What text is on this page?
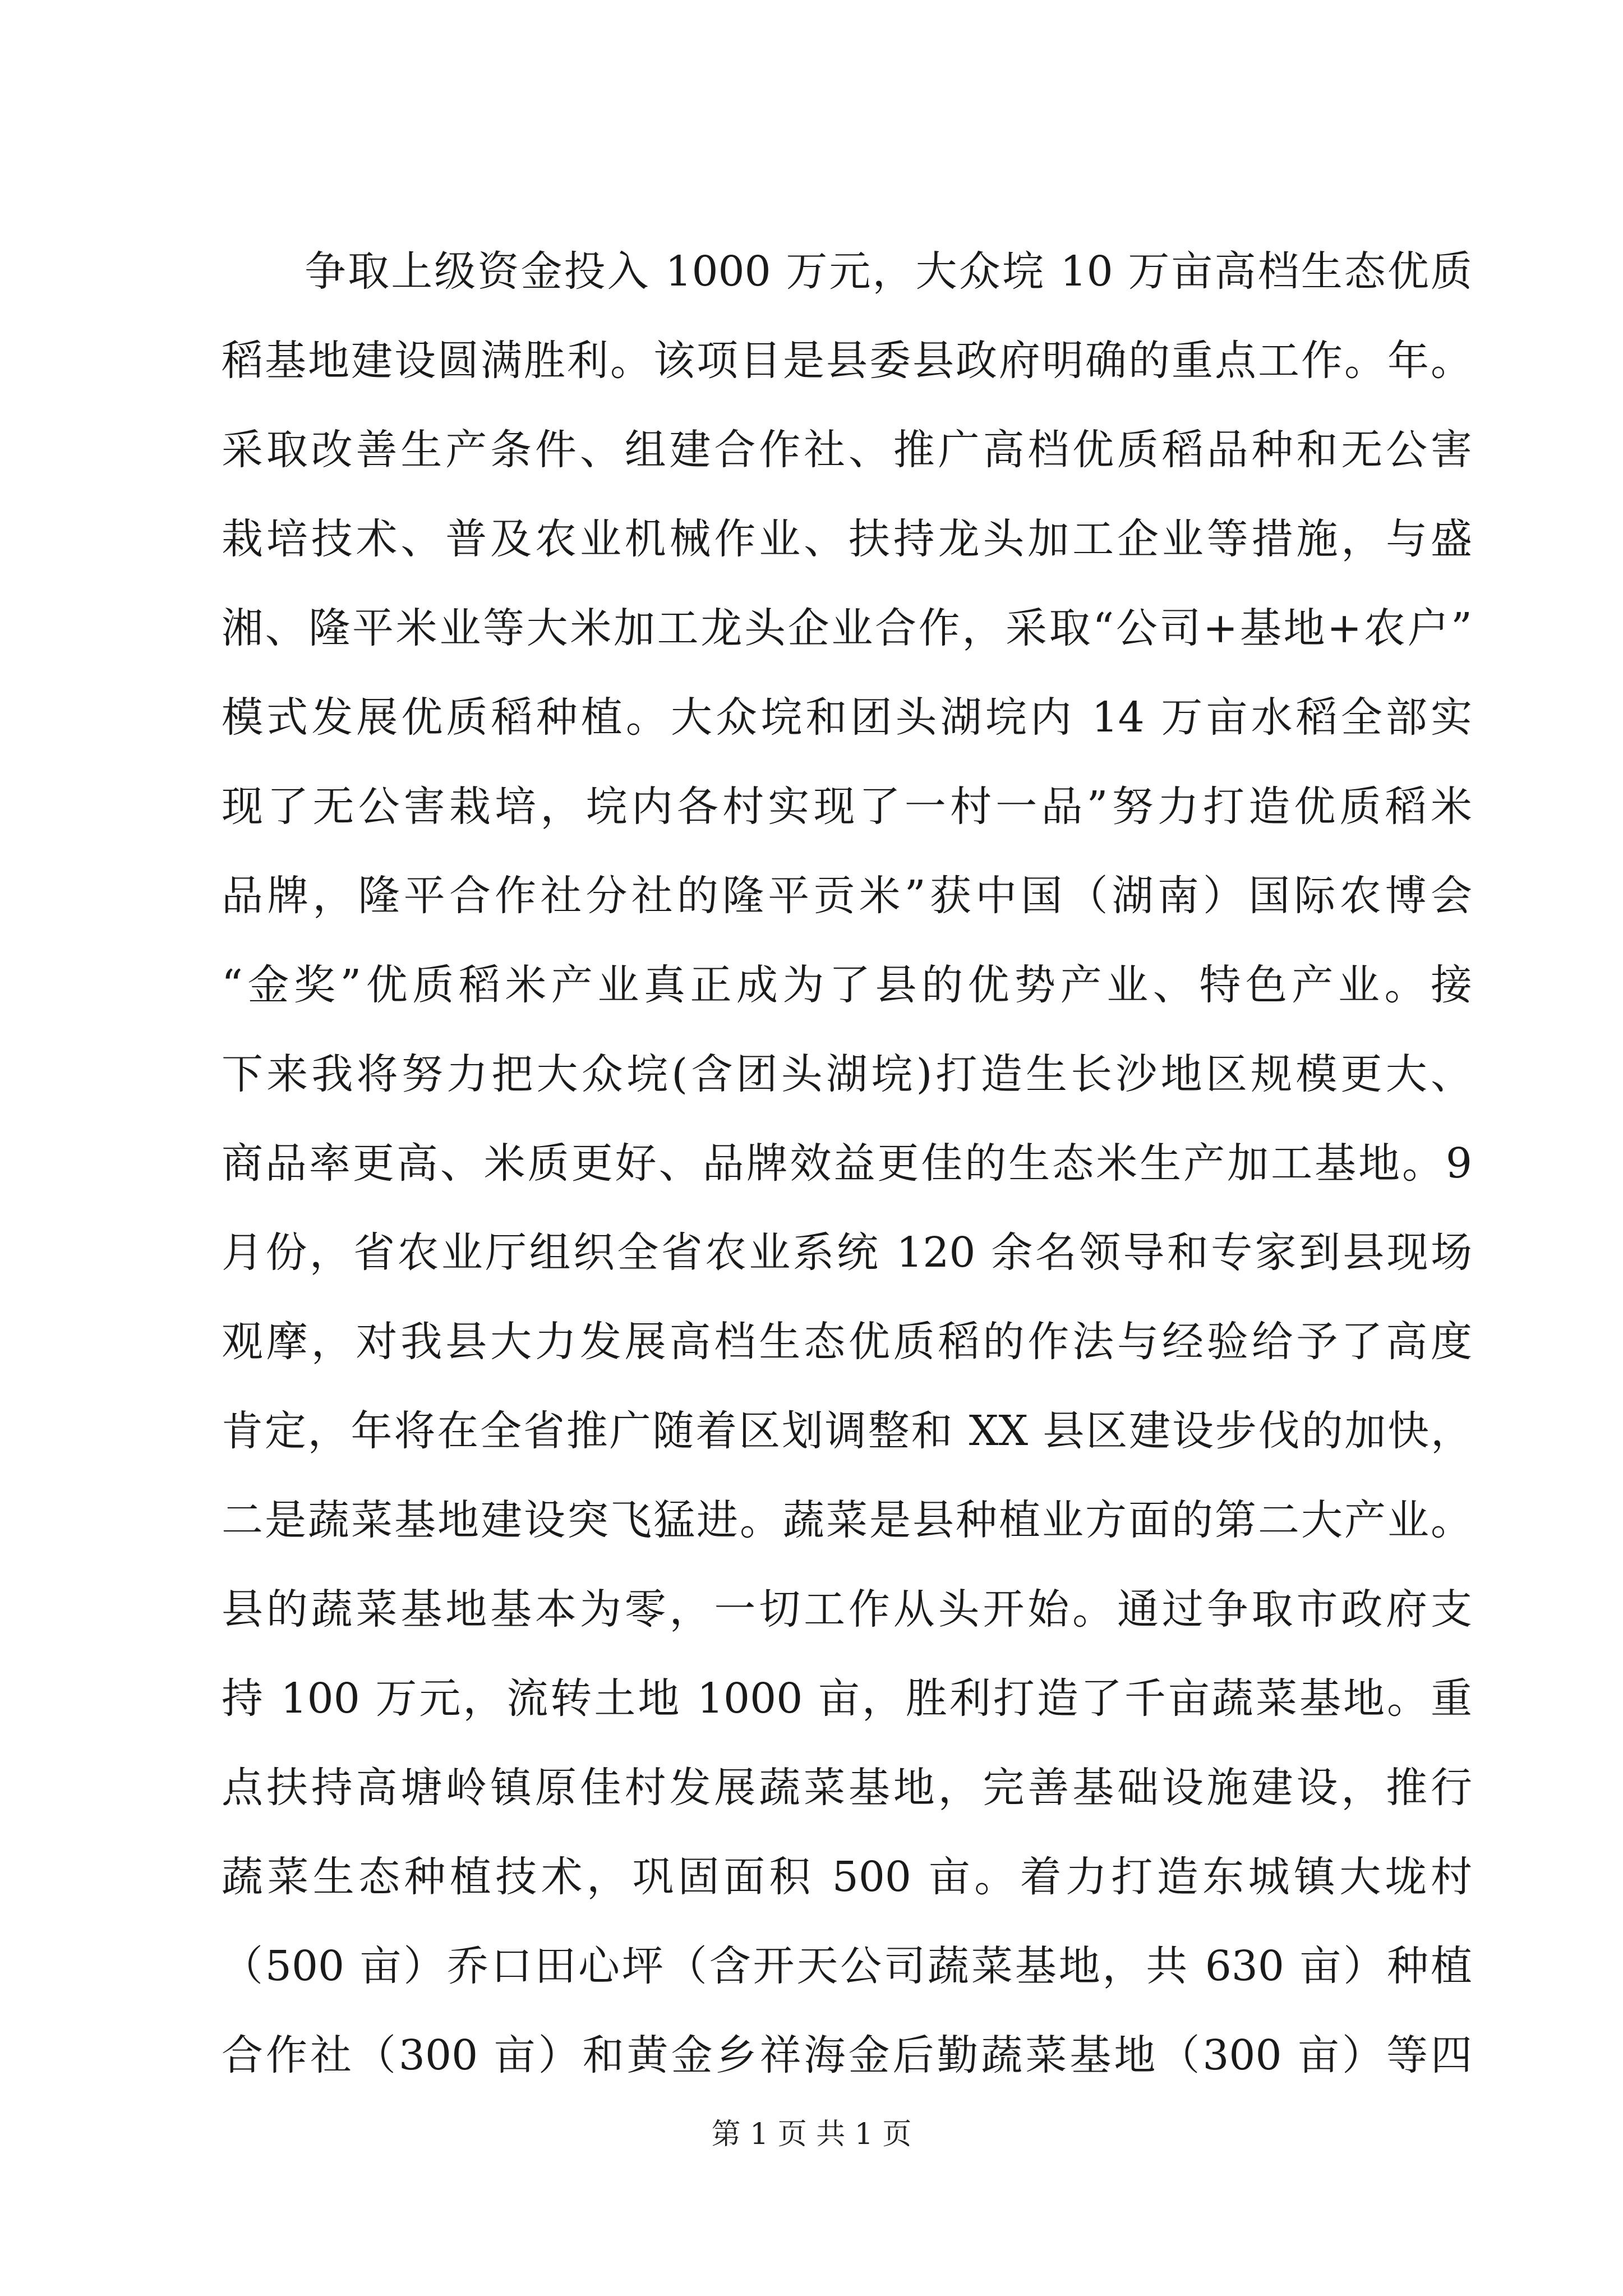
争取上级资金投入 1000 万元，大众垸 10 万亩高档生态优质
稻基地建设圆满胜利。该项目是县委县政府明确的重点工作。年。
采取改善生产条件、组建合作社、推广高档优质稻品种和无公害
栽培技术、普及农业机械作业、扶持龙头加工企业等措施，与盛
湘、隆平米业等大米加工龙头企业合作，采取“公司+基地+农户”
模式发展优质稻种植。大众垸和团头湖垸内 14 万亩水稻全部实
现了无公害栽培，垸内各村实现了一村一品”努力打造优质稻米
品牌，隆平合作社分社的隆平贡米”获中国（湖南）国际农博会
“金奖”优质稻米产业真正成为了县的优势产业、特色产业。接
下来我将努力把大众垸(含团头湖垸)打造生长沙地区规模更大、
商品率更高、米质更好、品牌效益更佳的生态米生产加工基地。9
月份，省农业厅组织全省农业系统 120 余名领导和专家到县现场
观摩，对我县大力发展高档生态优质稻的作法与经验给予了高度
肯定，年将在全省推广随着区划调整和 XX 县区建设步伐的加快，
二是蔬菜基地建设突飞猛进。蔬菜是县种植业方面的第二大产业。
县的蔬菜基地基本为零，一切工作从头开始。通过争取市政府支
持 100 万元，流转土地 1000 亩，胜利打造了千亩蔬菜基地。重
点扶持高塘岭镇原佳村发展蔬菜基地，完善基础设施建设，推行
蔬菜生态种植技术，巩固面积 500 亩。着力打造东城镇大垅村
（500 亩）乔口田心坪（含开天公司蔬菜基地，共 630 亩）种植
合作社（300 亩）和黄金乡祥海金后勤蔬菜基地（300 亩）等四
第 1 页 共 1 页
